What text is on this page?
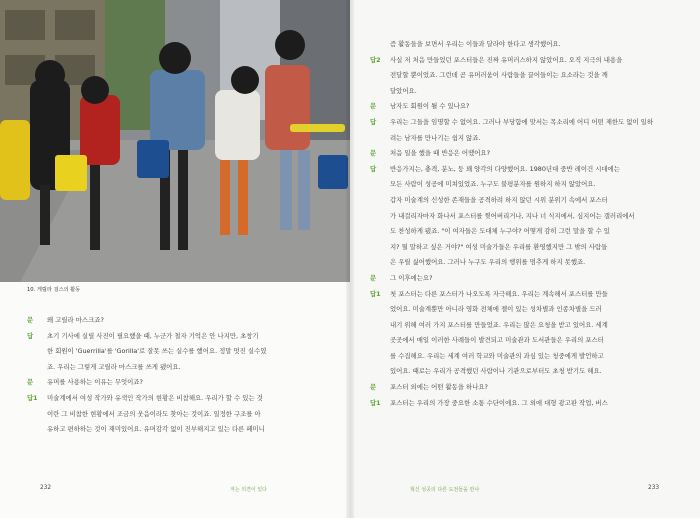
10. 게릴라 걸스의 활동
문	왜 고릴라 마스크죠?
답	초기 기사에 실릴 사진이 필요했을 때, 누군가 철자 기억은 안 나지만, 초창기
한 회원이 'Guerrilla'를 'Gorilla'로 잘못 쓰는 실수를 했어요. 정말 멋진 실수였
죠. 우리는 그렇게 고릴라 마스크를 쓰게 됐어요.
문	유머를 사용하는 이유는 무엇이죠?
답1	미술계에서 여성 작가와 유색인 작가의 현황은 비참해요. 우리가 할 수 있는 것
이란 그 비참한 현황에서 조금의 웃음이라도 찾아는 것이죠. 일정한 구조를 아
유하고 편하하는 것이 재미있어요. 유머감각 없이 진부해지고 있는 다른 페미니
232	저는 의견이 있다
즘 활동들을 보면서 우리는 이들과 달라야 한다고 생각했어요.
답2	사실 저 처음 만들었던 포스터들은 진짜 유머러스하지 않았어요. 오직 지극의 내용을
전달할 뿐이었죠. 그런데 곧 유머러움이 사람들을 끌어들이는 요소라는 것을 깨
달았어요.
문	남자도 회원이 될 수 있나요?
답	우리는 그들을 임명할 수 없어요. 그러나 부당함에 맞서는 목소리에 어디 어떤 제한도 없이 일하
려는 남자를 만나기는 쉽지 않죠.
문	처음 일을 했을 때 반응은 어땠어요?
답	반응가지는, 충격, 분노, 둥 꽤 양각의 다양했어요. 1980년대 중반 레이건 시대에는
모든 사람이 성공에 미쳐있었죠. 누구도 불평분자를 원하지 하지 않았어요.
갑자 미술계의 신성한 존재들을 공격하려 하지 않던 시위 분위기 속에서 포스터
가 내걸리자마자 화나서 포스터를 찢어버리거나, 지나 너 식지에서, 심지어는 갤러리에서
도 찬성하게 됐죠. "이 여자들은 도대체 누구야? 어떻게 감히 그런 말을 할 수 있
지? 뭘 말하고 싶은 거야?" 여성 미술가들은 우리를 환영했지만 그 밖의 사람들
은 우릴 싫어했어요. 그러나 누구도 우리의 행위를 멈추게 하지 못했죠.
문	그 이후에는요?
답1	첫 포스터는 다른 포스터가 나오도록 자극해요. 우리는 계속해서 포스터를 만들
었어요. 미술계뿐만 아니라 영화 전체에 젤이 있는 성차별과 인종차별을 드러
내기 위해 여러 가지 포스터를 만들었죠. 우리는 많은 요청을 받고 있어요. 세계
곳곳에서 매일 이러한 사례들이 발견되고 미술관과 도서관들은 우리의 포스터
를 수집해요. 우리는 세계 여러 학교와 미술관의 과심 있는 청중에게 발언하고
있어요. 때로는 우리가 공격했던 사람이나 기관으로부터도 초청 받기도 해요.
문	포스터 외에는 어떤 활동을 하나요?
답1	포스터는 우리의 가장 중요한 소통 수단이에요. 그 외에 대형 광고판 작업, 버스
혁신 성공의 다른 도전들을 만나	233
